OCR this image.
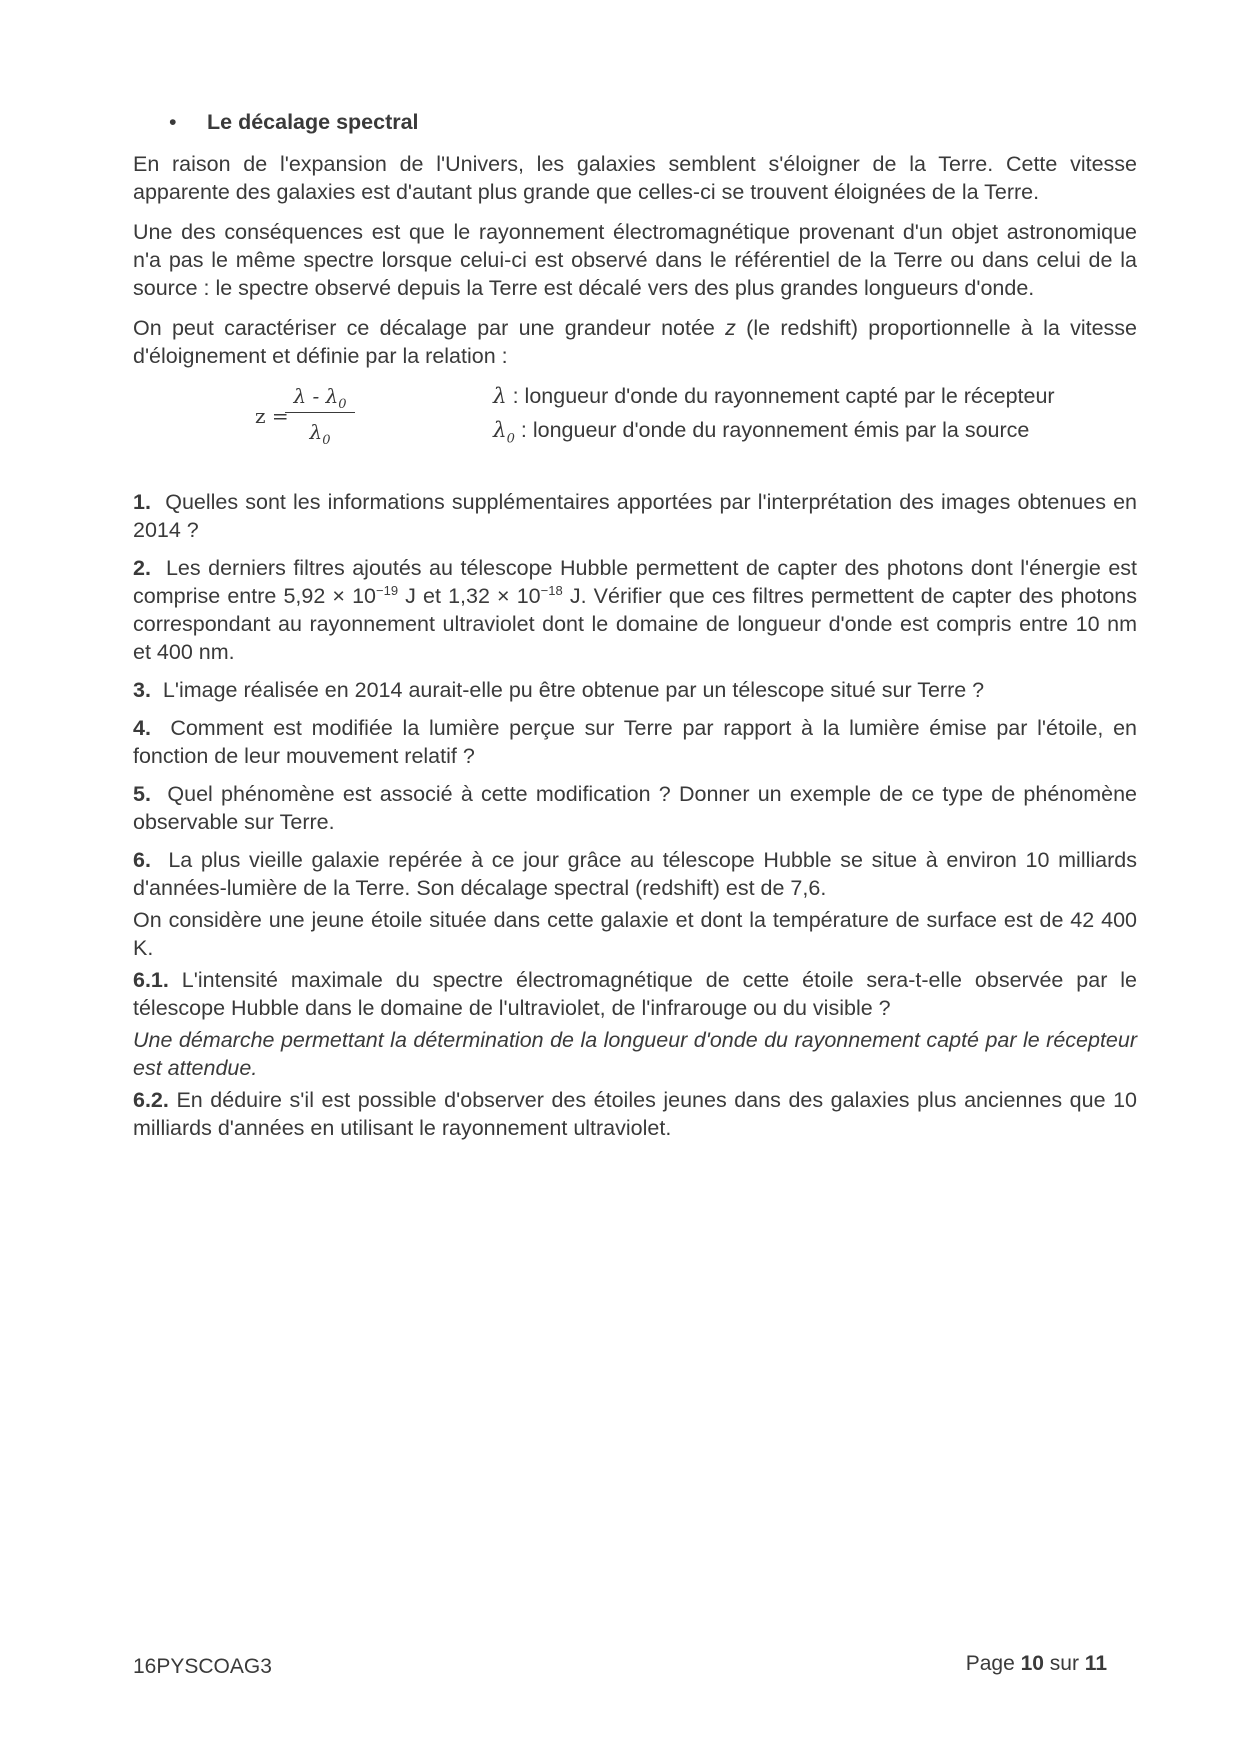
• Le décalage spectral

En raison de l'expansion de l'Univers, les galaxies semblent s'éloigner de la Terre. Cette vitesse apparente des galaxies est d'autant plus grande que celles-ci se trouvent éloignées de la Terre.

Une des conséquences est que le rayonnement électromagnétique provenant d'un objet astronomique n'a pas le même spectre lorsque celui-ci est observé dans le référentiel de la Terre ou dans celui de la source : le spectre observé depuis la Terre est décalé vers des plus grandes longueurs d'onde.

On peut caractériser ce décalage par une grandeur notée z (le redshift) proportionnelle à la vitesse d'éloignement et définie par la relation :

z =
λ - $\lambda_0$
$\lambda_0$
λ : longueur d'onde du rayonnement capté par le récepteur
$\lambda_0$ : longueur d'onde du rayonnement émis par la source

1. Quelles sont les informations supplémentaires apportées par l'interprétation des images obtenues en 2014 ?

2. Les derniers filtres ajoutés au télescope Hubble permettent de capter des photons dont l'énergie est comprise entre $5,92 \times 10^{-19}$ J et $1,32 \times 10^{-18}$ J. Vérifier que ces filtres permettent de capter des photons correspondant au rayonnement ultraviolet dont le domaine de longueur d'onde est compris entre 10 nm et 400 nm.

3. L'image réalisée en 2014 aurait-elle pu être obtenue par un télescope situé sur Terre ?

4. Comment est modifiée la lumière perçue sur Terre par rapport à la lumière émise par l'étoile, en fonction de leur mouvement relatif ?

5. Quel phénomène est associé à cette modification ? Donner un exemple de ce type de phénomène observable sur Terre.

6. La plus vieille galaxie repérée à ce jour grâce au télescope Hubble se situe à environ 10 milliards d'années-lumière de la Terre. Son décalage spectral (redshift) est de 7,6.

On considère une jeune étoile située dans cette galaxie et dont la température de surface est de 42 400 K.

6.1. L'intensité maximale du spectre électromagnétique de cette étoile sera-t-elle observée par le télescope Hubble dans le domaine de l'ultraviolet, de l'infrarouge ou du visible ?

Une démarche permettant la détermination de la longueur d'onde du rayonnement capté par le récepteur est attendue.

6.2. En déduire s'il est possible d'observer des étoiles jeunes dans des galaxies plus anciennes que 10 milliards d'années en utilisant le rayonnement ultraviolet.

16PYSCOAG3	Page 10 sur 11
